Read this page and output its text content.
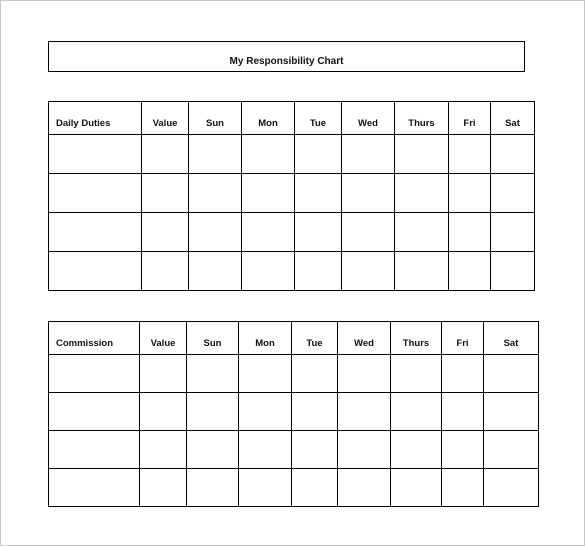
My Responsibility Chart
Daily Duties	Value	Sun	Mon	Tue	Wed	Thurs	Fri	Sat

Commission	Value	Sun	Mon	Tue	Wed	Thurs	Fri	Sat
